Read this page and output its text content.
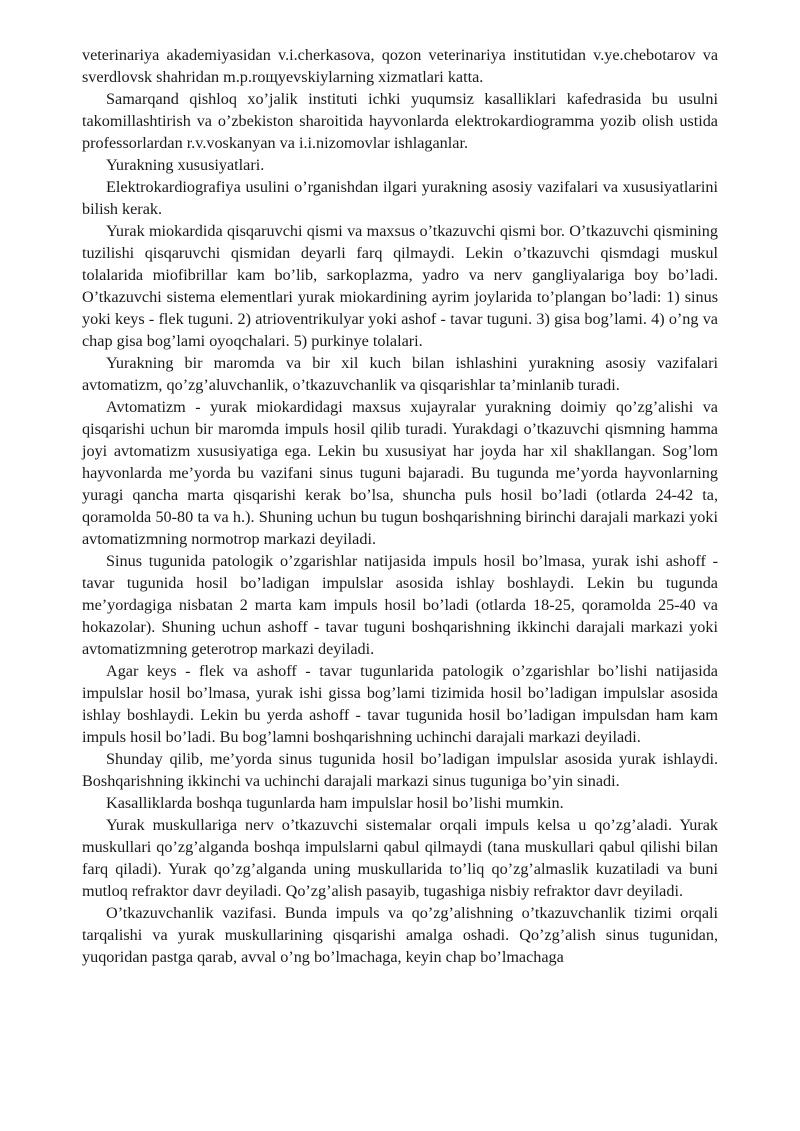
veterinariya akademiyasidan v.i.cherkasova, qozon veterinariya institutidan v.ye.chebotarov va sverdlovsk shahridan m.p.roщyevskiylarning xizmatlari katta.

Samarqand qishloq xo’jalik instituti ichki yuqumsiz kasalliklari kafedrasida bu usulni takomillashtirish va o’zbekiston sharoitida hayvonlarda elektrokardiogramma yozib olish ustida professorlardan r.v.voskanyan va i.i.nizomovlar ishlaganlar.

Yurakning xususiyatlari.

Elektrokardiografiya usulini o’rganishdan ilgari yurakning asosiy vazifalari va xususiyatlarini bilish kerak.

Yurak miokardida qisqaruvchi qismi va maxsus o’tkazuvchi qismi bor. O’tkazuvchi qismining tuzilishi qisqaruvchi qismidan deyarli farq qilmaydi. Lekin o’tkazuvchi qismdagi muskul tolalarida miofibrillar kam bo’lib, sarkoplazma, yadro va nerv gangliyalariga boy bo’ladi. O’tkazuvchi sistema elementlari yurak miokardining ayrim joylarida to’plangan bo’ladi: 1) sinus yoki keys - flek tuguni. 2) atrioventrikulyar yoki ashof - tavar tuguni. 3) gisa bog’lami. 4) o’ng va chap gisa bog’lami oyoqchalari. 5) purkinye tolalari.

Yurakning bir maromda va bir xil kuch bilan ishlashini yurakning asosiy vazifalari avtomatizm, qo’zg’aluvchanlik, o’tkazuvchanlik va qisqarishlar ta’minlanib turadi.

Avtomatizm - yurak miokardidagi maxsus xujayralar yurakning doimiy qo’zg’alishi va qisqarishi uchun bir maromda impuls hosil qilib turadi. Yurakdagi o’tkazuvchi qismning hamma joyi avtomatizm xususiyatiga ega. Lekin bu xususiyat har joyda har xil shakllangan. Sog’lom hayvonlarda me’yorda bu vazifani sinus tuguni bajaradi. Bu tugunda me’yorda hayvonlarning yuragi qancha marta qisqarishi kerak bo’lsa, shuncha puls hosil bo’ladi (otlarda 24-42 ta, qoramolda 50-80 ta va h.). Shuning uchun bu tugun boshqarishning birinchi darajali markazi yoki avtomatizmning normotrop markazi deyiladi.

Sinus tugunida patologik o’zgarishlar natijasida impuls hosil bo’lmasa, yurak ishi ashoff - tavar tugunida hosil bo’ladigan impulslar asosida ishlay boshlaydi. Lekin bu tugunda me’yordagiga nisbatan 2 marta kam impuls hosil bo’ladi (otlarda 18-25, qoramolda 25-40 va hokazolar). Shuning uchun ashoff - tavar tuguni boshqarishning ikkinchi darajali markazi yoki avtomatizmning geterotrop markazi deyiladi.

Agar keys - flek va ashoff - tavar tugunlarida patologik o’zgarishlar bo’lishi natijasida impulslar hosil bo’lmasa, yurak ishi gissa bog’lami tizimida hosil bo’ladigan impulslar asosida ishlay boshlaydi. Lekin bu yerda ashoff - tavar tugunida hosil bo’ladigan impulsdan ham kam impuls hosil bo’ladi. Bu bog’lamni boshqarishning uchinchi darajali markazi deyiladi.

Shunday qilib, me’yorda sinus tugunida hosil bo’ladigan impulslar asosida yurak ishlaydi. Boshqarishning ikkinchi va uchinchi darajali markazi sinus tuguniga bo’yin sinadi.

Kasalliklarda boshqa tugunlarda ham impulslar hosil bo’lishi mumkin.

Yurak muskullariga nerv o’tkazuvchi sistemalar orqali impuls kelsa u qo’zg’aladi. Yurak muskullari qo’zg’alganda boshqa impulslarni qabul qilmaydi (tana muskullari qabul qilishi bilan farq qiladi). Yurak qo’zg’alganda uning muskullarida to’liq qo’zg’almaslik kuzatiladi va buni mutloq refraktor davr deyiladi. Qo’zg’alish pasayib, tugashiga nisbiy refraktor davr deyiladi.

O’tkazuvchanlik vazifasi. Bunda impuls va qo’zg’alishning o’tkazuvchanlik tizimi orqali tarqalishi va yurak muskullarining qisqarishi amalga oshadi. Qo’zg’alish sinus tugunidan, yuqoridan pastga qarab, avval o’ng bo’lmachaga, keyin chap bo’lmachaga
